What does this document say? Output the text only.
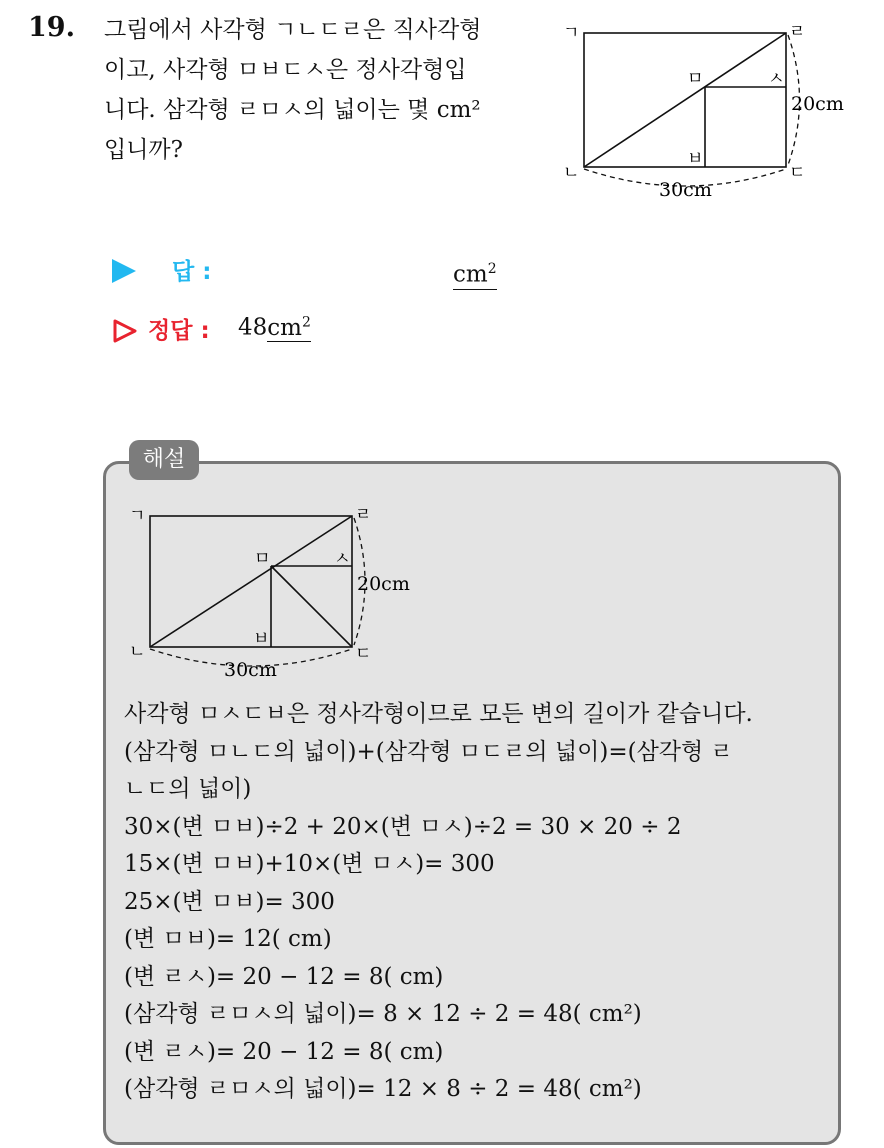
19. 그림에서 사각형 ㄱㄴㄷㄹ은 직사각형
이고, 사각형 ㅁㅂㄷㅅ은 정사각형입
니다. 삼각형 ㄹㅁㅅ의 넓이는 몇 cm²
입니까?
ㄱ	ㄹ
ㅁ	ㅅ
20cm
ㅂ
ㄴ	ㄷ
30cm
답 :	$cm^2$
정답 : $48cm^2$
해설
ㄱ	ㄹ
ㅁ	ㅅ
20cm
ㅂ
ㄴ	ㄷ
30cm
사각형 ㅁㅅㄷㅂ은 정사각형이므로 모든 변의 길이가 같습니다.
(삼각형 ㅁㄴㄷ의 넓이)+(삼각형 ㅁㄷㄹ의 넓이)=(삼각형 ㄹ
ㄴㄷ의 넓이)
30×(변 ㅁㅂ)÷2 + 20×(변 ㅁㅅ)÷2 = 30 × 20 ÷ 2
15×(변 ㅁㅂ)+10×(변 ㅁㅅ)= 300
25×(변 ㅁㅂ)= 300
(변 ㅁㅂ)= 12( cm)
(변 ㄹㅅ)= 20 − 12 = 8( cm)
(삼각형 ㄹㅁㅅ의 넓이)= 8 × 12 ÷ 2 = 48( cm²)
(변 ㄹㅅ)= 20 − 12 = 8( cm)
(삼각형 ㄹㅁㅅ의 넓이)= 12 × 8 ÷ 2 = 48( cm²)
